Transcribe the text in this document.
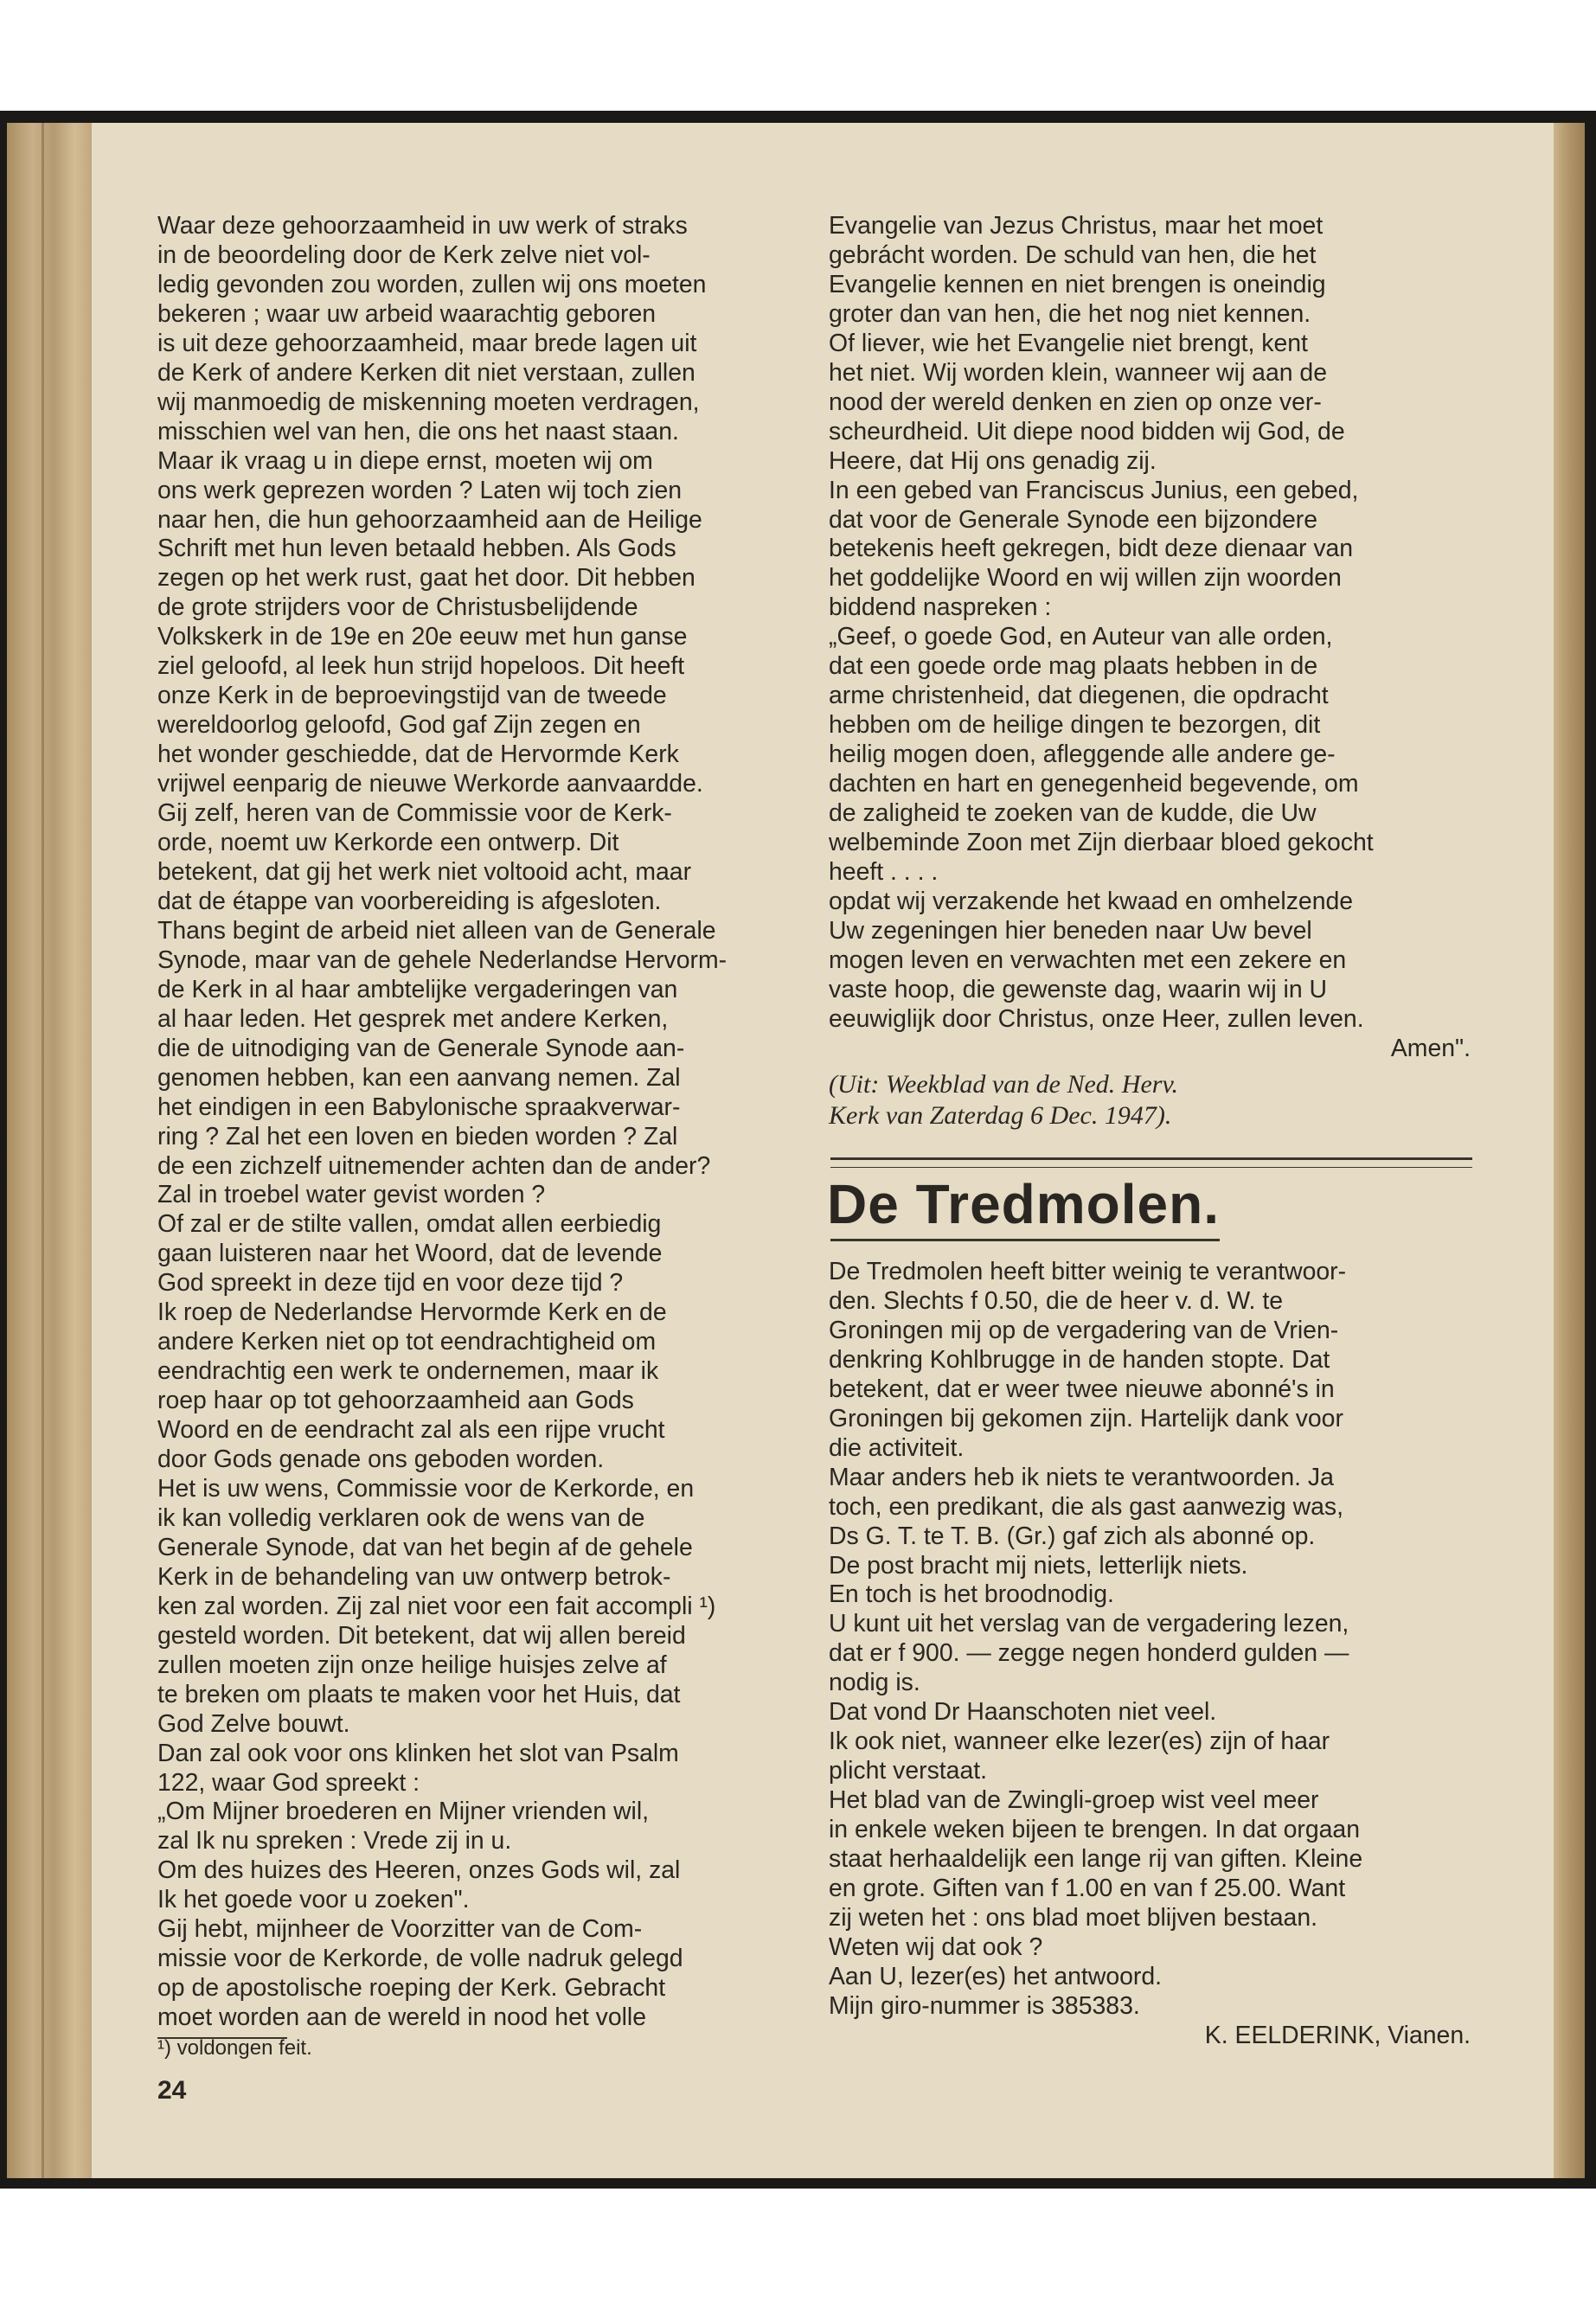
Waar deze gehoorzaamheid in uw werk of straks

in de beoordeling door de Kerk zelve niet vol-

ledig gevonden zou worden, zullen wij ons moeten

bekeren ; waar uw arbeid waarachtig geboren

is uit deze gehoorzaamheid, maar brede lagen uit

de Kerk of andere Kerken dit niet verstaan, zullen

wij manmoedig de miskenning moeten verdragen,

misschien wel van hen, die ons het naast staan.

Maar ik vraag u in diepe ernst, moeten wij om

ons werk geprezen worden ? Laten wij toch zien

naar hen, die hun gehoorzaamheid aan de Heilige

Schrift met hun leven betaald hebben. Als Gods

zegen op het werk rust, gaat het door. Dit hebben

de grote strijders voor de Christusbelijdende

Volkskerk in de 19e en 20e eeuw met hun ganse

ziel geloofd, al leek hun strijd hopeloos. Dit heeft

onze Kerk in de beproevingstijd van de tweede

wereldoorlog geloofd, God gaf Zijn zegen en

het wonder geschiedde, dat de Hervormde Kerk

vrijwel eenparig de nieuwe Werkorde aanvaardde.

Gij zelf, heren van de Commissie voor de Kerk-

orde, noemt uw Kerkorde een ontwerp. Dit

betekent, dat gij het werk niet voltooid acht, maar

dat de étappe van voorbereiding is afgesloten.

Thans begint de arbeid niet alleen van de Generale

Synode, maar van de gehele Nederlandse Hervorm-

de Kerk in al haar ambtelijke vergaderingen van

al haar leden. Het gesprek met andere Kerken,

die de uitnodiging van de Generale Synode aan-

genomen hebben, kan een aanvang nemen. Zal

het eindigen in een Babylonische spraakverwar-

ring ? Zal het een loven en bieden worden ? Zal

de een zichzelf uitnemender achten dan de ander?

Zal in troebel water gevist worden ?

Of zal er de stilte vallen, omdat allen eerbiedig

gaan luisteren naar het Woord, dat de levende

God spreekt in deze tijd en voor deze tijd ?

Ik roep de Nederlandse Hervormde Kerk en de

andere Kerken niet op tot eendrachtigheid om

eendrachtig een werk te ondernemen, maar ik

roep haar op tot gehoorzaamheid aan Gods

Woord en de eendracht zal als een rijpe vrucht

door Gods genade ons geboden worden.

Het is uw wens, Commissie voor de Kerkorde, en

ik kan volledig verklaren ook de wens van de

Generale Synode, dat van het begin af de gehele

Kerk in de behandeling van uw ontwerp betrok-

ken zal worden. Zij zal niet voor een fait accompli ¹)

gesteld worden. Dit betekent, dat wij allen bereid

zullen moeten zijn onze heilige huisjes zelve af

te breken om plaats te maken voor het Huis, dat

God Zelve bouwt.

Dan zal ook voor ons klinken het slot van Psalm

122, waar God spreekt :

„Om Mijner broederen en Mijner vrienden wil,

zal Ik nu spreken : Vrede zij in u.

Om des huizes des Heeren, onzes Gods wil, zal

Ik het goede voor u zoeken".

Gij hebt, mijnheer de Voorzitter van de Com-

missie voor de Kerkorde, de volle nadruk gelegd

op de apostolische roeping der Kerk. Gebracht

moet worden aan de wereld in nood het volle

¹) voldongen feit.
24

Evangelie van Jezus Christus, maar het moet

gebrácht worden. De schuld van hen, die het

Evangelie kennen en niet brengen is oneindig

groter dan van hen, die het nog niet kennen.

Of liever, wie het Evangelie niet brengt, kent

het niet. Wij worden klein, wanneer wij aan de

nood der wereld denken en zien op onze ver-

scheurdheid. Uit diepe nood bidden wij God, de

Heere, dat Hij ons genadig zij.

In een gebed van Franciscus Junius, een gebed,

dat voor de Generale Synode een bijzondere

betekenis heeft gekregen, bidt deze dienaar van

het goddelijke Woord en wij willen zijn woorden

biddend naspreken :

„Geef, o goede God, en Auteur van alle orden,

dat een goede orde mag plaats hebben in de

arme christenheid, dat diegenen, die opdracht

hebben om de heilige dingen te bezorgen, dit

heilig mogen doen, afleggende alle andere ge-

dachten en hart en genegenheid begevende, om

de zaligheid te zoeken van de kudde, die Uw

welbeminde Zoon met Zijn dierbaar bloed gekocht

heeft . . . .

opdat wij verzakende het kwaad en omhelzende

Uw zegeningen hier beneden naar Uw bevel

mogen leven en verwachten met een zekere en

vaste hoop, die gewenste dag, waarin wij in U

eeuwiglijk door Christus, onze Heer, zullen leven.

Amen".

(Uit: Weekblad van de Ned. Herv.

Kerk van Zaterdag 6 Dec. 1947).

De Tredmolen.

De Tredmolen heeft bitter weinig te verantwoor-

den. Slechts f 0.50, die de heer v. d. W. te

Groningen mij op de vergadering van de Vrien-

denkring Kohlbrugge in de handen stopte. Dat

betekent, dat er weer twee nieuwe abonné's in

Groningen bij gekomen zijn. Hartelijk dank voor

die activiteit.

Maar anders heb ik niets te verantwoorden. Ja

toch, een predikant, die als gast aanwezig was,

Ds G. T. te T. B. (Gr.) gaf zich als abonné op.

De post bracht mij niets, letterlijk niets.

En toch is het broodnodig.

U kunt uit het verslag van de vergadering lezen,

dat er f 900. — zegge negen honderd gulden —

nodig is.

Dat vond Dr Haanschoten niet veel.

Ik ook niet, wanneer elke lezer(es) zijn of haar

plicht verstaat.

Het blad van de Zwingli-groep wist veel meer

in enkele weken bijeen te brengen. In dat orgaan

staat herhaaldelijk een lange rij van giften. Kleine

en grote. Giften van f 1.00 en van f 25.00. Want

zij weten het : ons blad moet blijven bestaan.

Weten wij dat ook ?

Aan U, lezer(es) het antwoord.

Mijn giro-nummer is 385383.

K. EELDERINK, Vianen.
